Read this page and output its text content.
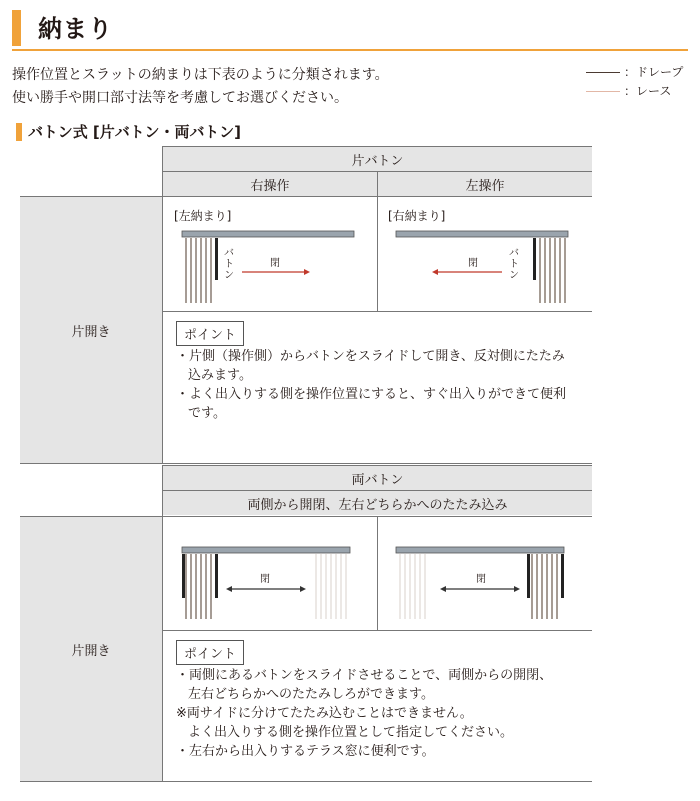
納まり
操作位置とスラットの納まりは下表のように分類されます。
使い勝手や開口部寸法等を考慮してお選びください。
：ドレープ
：レース
バトン式 [片バトン・両バトン]
片バトン
右操作	左操作
片開き
[左納まり]	[右納まり]
バトン
閉
バトン
閉
ポイント

・片側（操作側）からバトンをスライドして開き、反対側にたたみ

込みます。

・よく出入りする側を操作位置にすると、すぐ出入りができて便利

です。

両バトン
両側から開閉、左右どちらかへのたたみ込み
片開き
閉	閉
ポイント

・両側にあるバトンをスライドさせることで、両側からの開閉、

左右どちらかへのたたみしろができます。

※両サイドに分けてたたみ込むことはできません。

よく出入りする側を操作位置として指定してください。

・左右から出入りするテラス窓に便利です。
